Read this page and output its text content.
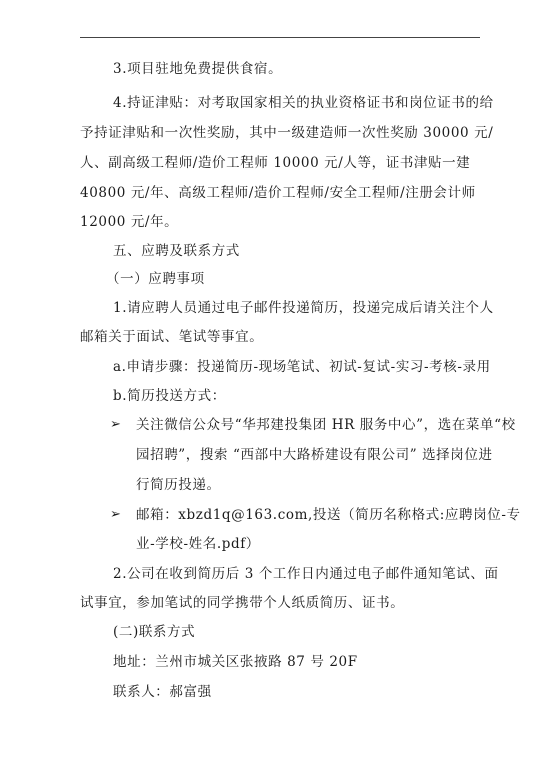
3.项目驻地免费提供食宿。
4.持证津贴：对考取国家相关的执业资格证书和岗位证书的给
予持证津贴和一次性奖励，其中一级建造师一次性奖励 30000 元/
人、副高级工程师/造价工程师 10000 元/人等，证书津贴一建
40800 元/年、高级工程师/造价工程师/安全工程师/注册会计师
12000 元/年。
五、应聘及联系方式
（一）应聘事项
1.请应聘人员通过电子邮件投递简历，投递完成后请关注个人
邮箱关于面试、笔试等事宜。
a.申请步骤：投递简历-现场笔试、初试-复试-实习-考核-录用
b.简历投送方式：
➢ 关注微信公众号“华邦建投集团 HR 服务中心”，选在菜单“校
园招聘”，搜索 “西部中大路桥建设有限公司” 选择岗位进
行简历投递。
➢ 邮箱：xbzd1q@163.com,投送（简历名称格式:应聘岗位-专
业-学校-姓名.pdf）
2.公司在收到简历后 3 个工作日内通过电子邮件通知笔试、面
试事宜，参加笔试的同学携带个人纸质简历、证书。
(二)联系方式
地址：兰州市城关区张掖路 87 号 20F
联系人：郝富强
